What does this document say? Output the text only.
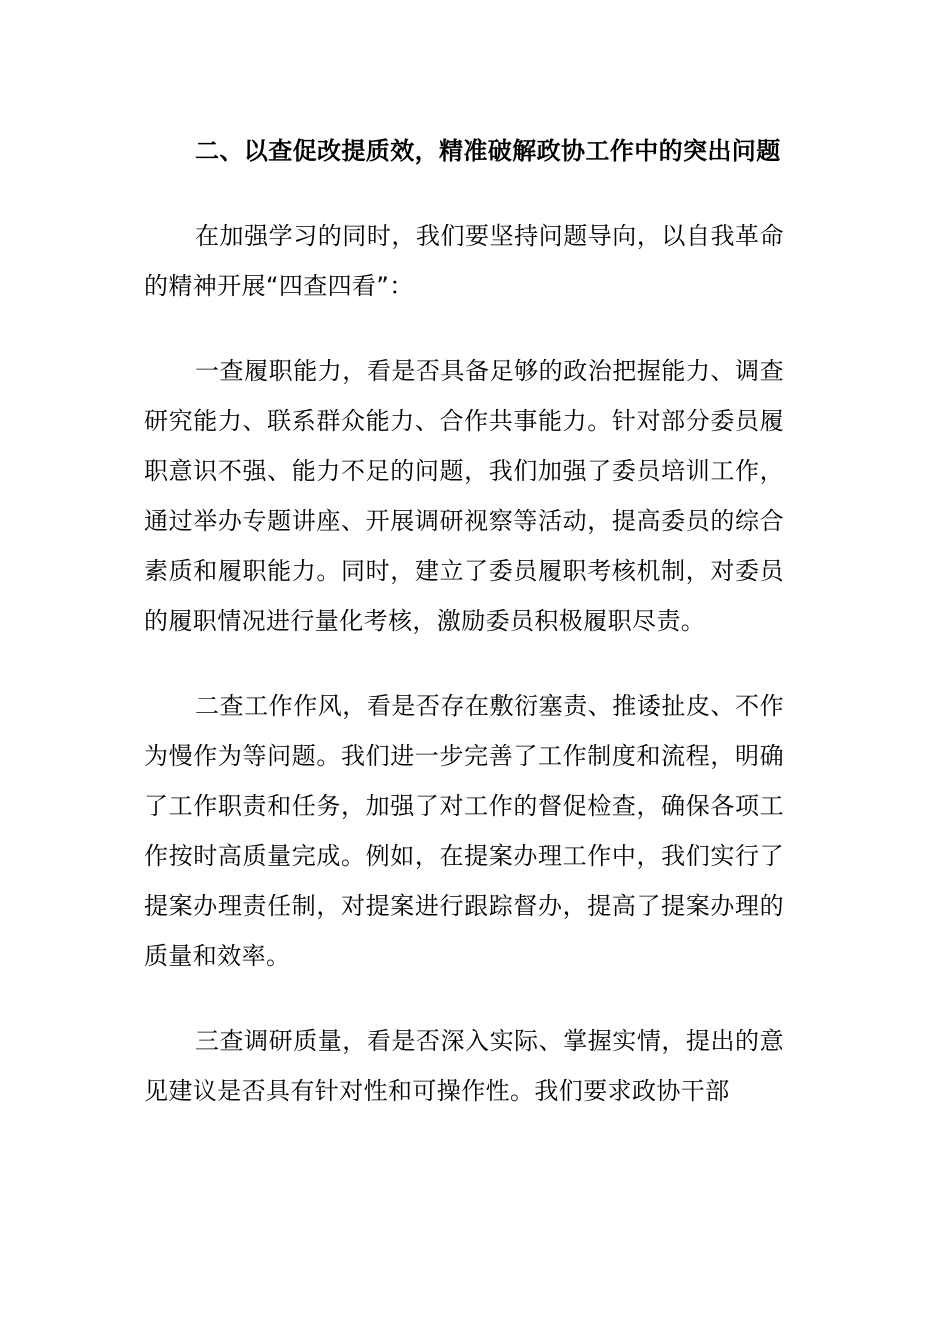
二、以查促改提质效，精准破解政协工作中的突出问题

在加强学习的同时，我们要坚持问题导向，以自我革命的精神开展“四查四看”：

一查履职能力，看是否具备足够的政治把握能力、调查研究能力、联系群众能力、合作共事能力。针对部分委员履职意识不强、能力不足的问题，我们加强了委员培训工作，通过举办专题讲座、开展调研视察等活动，提高委员的综合素质和履职能力。同时，建立了委员履职考核机制，对委员的履职情况进行量化考核，激励委员积极履职尽责。

二查工作作风，看是否存在敷衍塞责、推诿扯皮、不作为慢作为等问题。我们进一步完善了工作制度和流程，明确了工作职责和任务，加强了对工作的督促检查，确保各项工作按时高质量完成。例如，在提案办理工作中，我们实行了提案办理责任制，对提案进行跟踪督办，提高了提案办理的质量和效率。

三查调研质量，看是否深入实际、掌握实情，提出的意见建议是否具有针对性和可操作性。我们要求政协干部
